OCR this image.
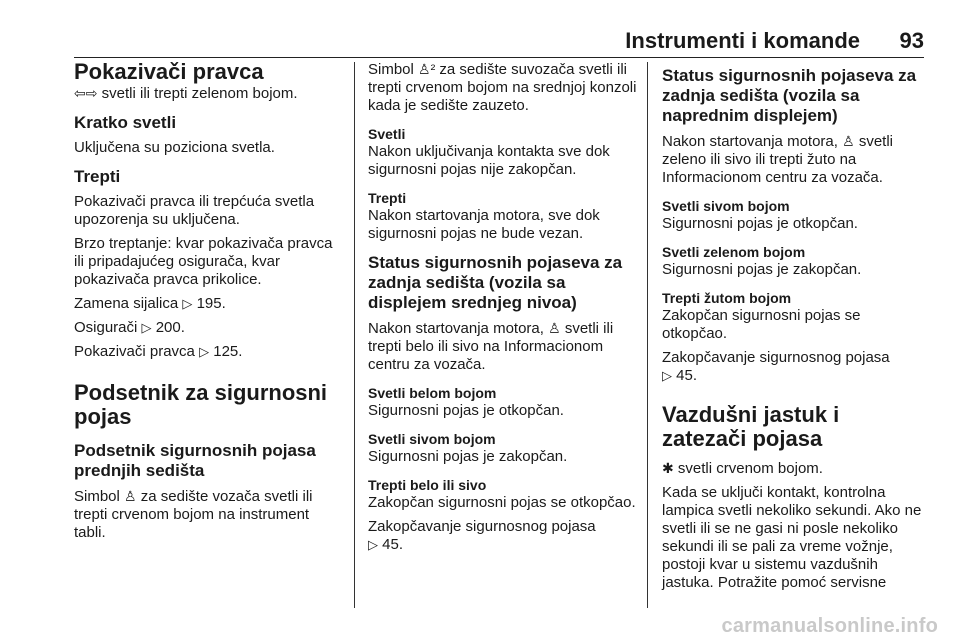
Instrumenti i komande 93
Pokazivači pravca
⇦⇨ svetli ili trepti zelenom bojom.
Kratko svetli
Uključena su poziciona svetla.
Trepti
Pokazivači pravca ili trepćuća svetla upozorenja su uključena.
Brzo treptanje: kvar pokazivača pravca ili pripadajućeg osigurača, kvar pokazivača pravca prikolice.
Zamena sijalica ▷ 195.
Osigurači ▷ 200.
Pokazivači pravca ▷ 125.
Podsetnik za sigurnosni pojas
Podsetnik sigurnosnih pojasa prednjih sedišta
Simbol ♙ za sedište vozača svetli ili trepti crvenom bojom na instrument tabli.
Simbol ♙² za sedište suvozača svetli ili trepti crvenom bojom na srednjoj konzoli kada je sedište zauzeto.
Svetli
Nakon uključivanja kontakta sve dok sigurnosni pojas nije zakopčan.
Trepti
Nakon startovanja motora, sve dok sigurnosni pojas ne bude vezan.
Status sigurnosnih pojaseva za zadnja sedišta (vozila sa displejem srednjeg nivoa)
Nakon startovanja motora, ♙ svetli ili trepti belo ili sivo na Informacionom centru za vozača.
Svetli belom bojom
Sigurnosni pojas je otkopčan.
Svetli sivom bojom
Sigurnosni pojas je zakopčan.
Trepti belo ili sivo
Zakopčan sigurnosni pojas se otkopčao.
Zakopčavanje sigurnosnog pojasa
▷ 45.
Status sigurnosnih pojaseva za zadnja sedišta (vozila sa naprednim displejem)
Nakon startovanja motora, ♙ svetli zeleno ili sivo ili trepti žuto na Informacionom centru za vozača.
Svetli sivom bojom
Sigurnosni pojas je otkopčan.
Svetli zelenom bojom
Sigurnosni pojas je zakopčan.
Trepti žutom bojom
Zakopčan sigurnosni pojas se otkopčao.
Zakopčavanje sigurnosnog pojasa
▷ 45.
Vazdušni jastuk i zatezači pojasa
✱ svetli crvenom bojom.
Kada se uključi kontakt, kontrolna lampica svetli nekoliko sekundi. Ako ne svetli ili se ne gasi ni posle nekoliko sekundi ili se pali za vreme vožnje, postoji kvar u sistemu vazdušnih jastuka. Potražite pomoć servisne
carmanualsonline.info
